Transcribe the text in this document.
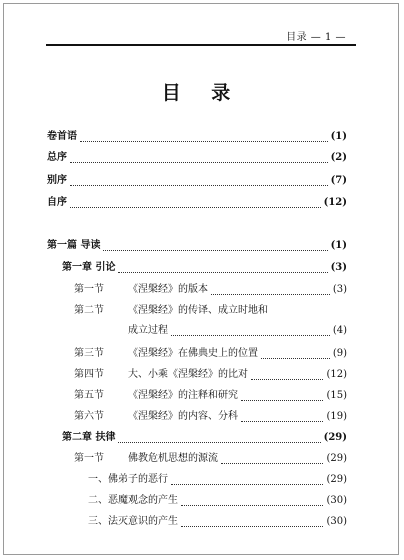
目录 — 1 —
目 录
卷首语	(1)
总序	(2)
别序	(7)
自序	(12)
第一篇 导读	(1)
第一章 引论	(3)
第一节 《涅槃经》的版本	(3)
第二节 《涅槃经》的传译、成立时地和
成立过程	(4)
第三节 《涅槃经》在佛典史上的位置	(9)
第四节 大、小乘《涅槃经》的比对	(12)
第五节 《涅槃经》的注释和研究	(15)
第六节 《涅槃经》的内容、分科	(19)
第二章 扶律	(29)
第一节 佛教危机思想的源流	(29)
一、佛弟子的恶行	(29)
二、恶魔观念的产生	(30)
三、法灭意识的产生	(30)
